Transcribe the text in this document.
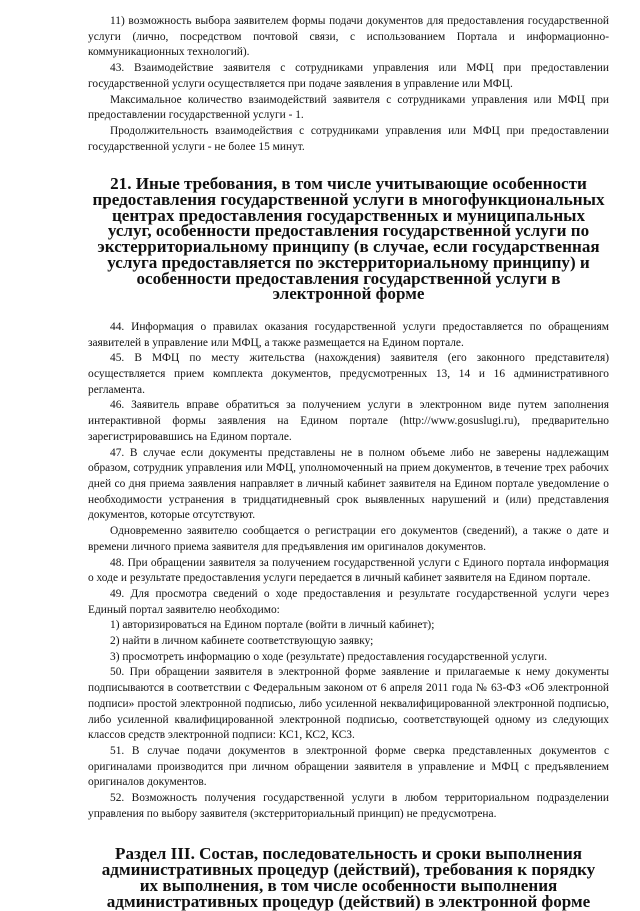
11) возможность выбора заявителем формы подачи документов для предоставления государственной услуги (лично, посредством почтовой связи, с использованием Портала и информационно-коммуникационных технологий).

43. Взаимодействие заявителя с сотрудниками управления или МФЦ при предоставлении государственной услуги осуществляется при подаче заявления в управление или МФЦ.

Максимальное количество взаимодействий заявителя с сотрудниками управления или МФЦ при предоставлении государственной услуги - 1.

Продолжительность взаимодействия с сотрудниками управления или МФЦ при предоставлении государственной услуги - не более 15 минут.

21. Иные требования, в том числе учитывающие особенности предоставления государственной услуги в многофункциональных центрах предоставления государственных и муниципальных услуг, особенности предоставления государственной услуги по экстерриториальному принципу (в случае, если государственная услуга предоставляется по экстерриториальному принципу) и особенности предоставления государственной услуги в электронной форме

44. Информация о правилах оказания государственной услуги предоставляется по обращениям заявителей в управление или МФЦ, а также размещается на Едином портале.

45. В МФЦ по месту жительства (нахождения) заявителя (его законного представителя) осуществляется прием комплекта документов, предусмотренных 13, 14 и 16 административного регламента.

46. Заявитель вправе обратиться за получением услуги в электронном виде путем заполнения интерактивной формы заявления на Едином портале (http://www.gosuslugi.ru), предварительно зарегистрировавшись на Едином портале.

47. В случае если документы представлены не в полном объеме либо не заверены надлежащим образом, сотрудник управления или МФЦ, уполномоченный на прием документов, в течение трех рабочих дней со дня приема заявления направляет в личный кабинет заявителя на Едином портале уведомление о необходимости устранения в тридцатидневный срок выявленных нарушений и (или) представления документов, которые отсутствуют.

Одновременно заявителю сообщается о регистрации его документов (сведений), а также о дате и времени личного приема заявителя для предъявления им оригиналов документов.

48. При обращении заявителя за получением государственной услуги с Единого портала информация о ходе и результате предоставления услуги передается в личный кабинет заявителя на Едином портале.

49. Для просмотра сведений о ходе предоставления и результате государственной услуги через Единый портал заявителю необходимо:

1) авторизироваться на Едином портале (войти в личный кабинет);

2) найти в личном кабинете соответствующую заявку;

3) просмотреть информацию о ходе (результате) предоставления государственной услуги.

50. При обращении заявителя в электронной форме заявление и прилагаемые к нему документы подписываются в соответствии с Федеральным законом от 6 апреля 2011 года № 63-ФЗ «Об электронной подписи» простой электронной подписью, либо усиленной неквалифицированной электронной подписью, либо усиленной квалифицированной электронной подписью, соответствующей одному из следующих классов средств электронной подписи: КС1, КС2, КС3.

51. В случае подачи документов в электронной форме сверка представленных документов с оригиналами производится при личном обращении заявителя в управление и МФЦ с предъявлением оригиналов документов.

52. Возможность получения государственной услуги в любом территориальном подразделении управления по выбору заявителя (экстерриториальный принцип) не предусмотрена.

Раздел III. Состав, последовательность и сроки выполнения административных процедур (действий), требования к порядку их выполнения, в том числе особенности выполнения административных процедур (действий) в электронной форме
